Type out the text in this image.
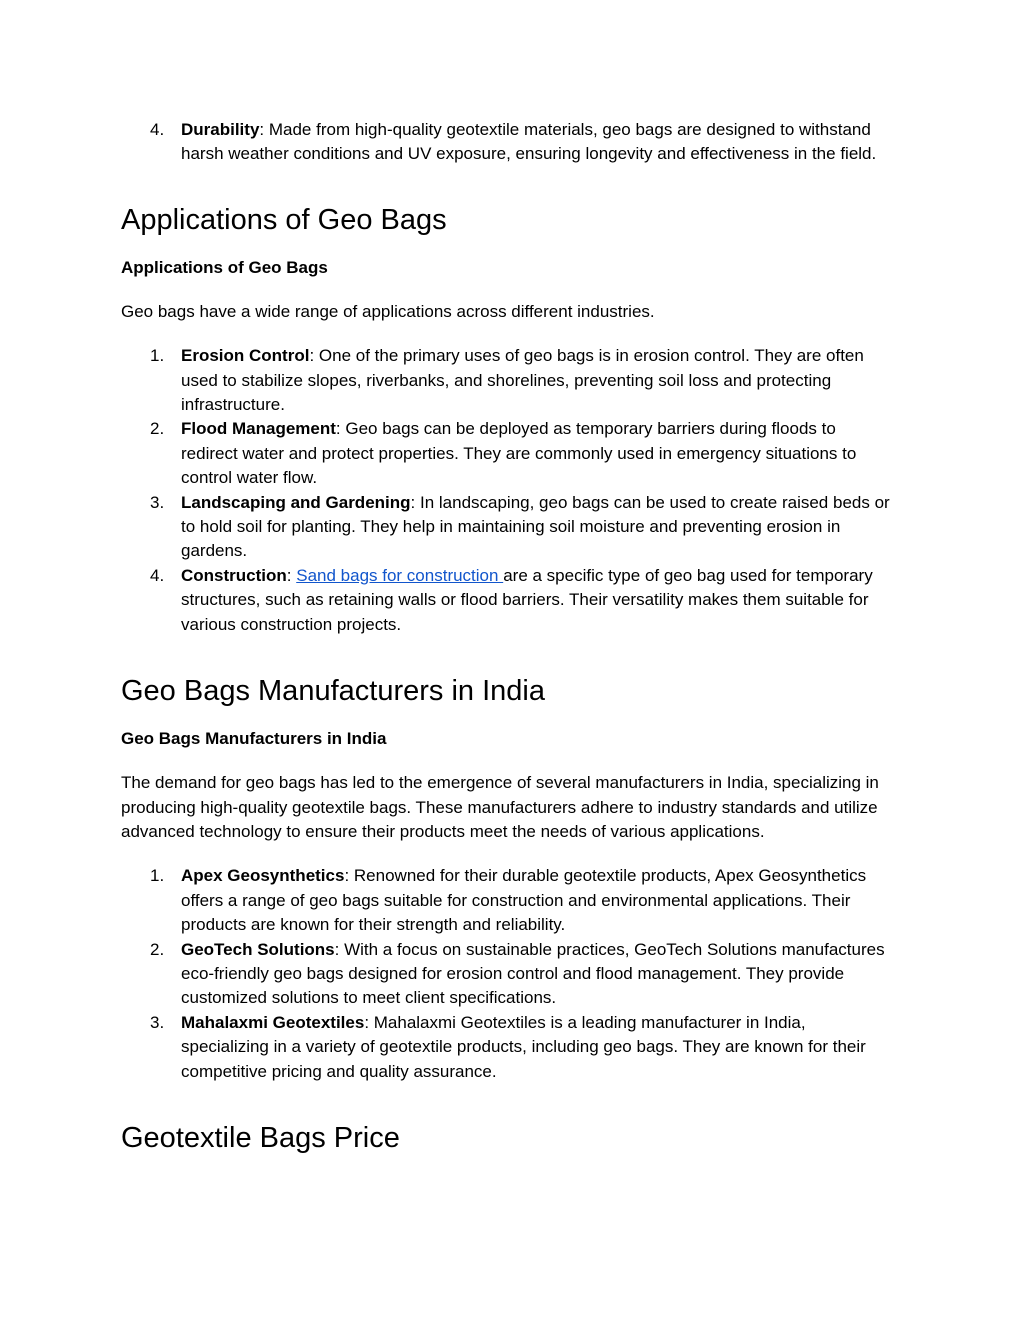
4. Durability: Made from high-quality geotextile materials, geo bags are designed to withstand harsh weather conditions and UV exposure, ensuring longevity and effectiveness in the field.
Applications of Geo Bags
Applications of Geo Bags

Geo bags have a wide range of applications across different industries.

1. Erosion Control: One of the primary uses of geo bags is in erosion control. They are often used to stabilize slopes, riverbanks, and shorelines, preventing soil loss and protecting infrastructure.
2. Flood Management: Geo bags can be deployed as temporary barriers during floods to redirect water and protect properties. They are commonly used in emergency situations to control water flow.
3. Landscaping and Gardening: In landscaping, geo bags can be used to create raised beds or to hold soil for planting. They help in maintaining soil moisture and preventing erosion in gardens.
4. Construction: Sand bags for construction are a specific type of geo bag used for temporary structures, such as retaining walls or flood barriers. Their versatility makes them suitable for various construction projects.
Geo Bags Manufacturers in India
Geo Bags Manufacturers in India

The demand for geo bags has led to the emergence of several manufacturers in India, specializing in producing high-quality geotextile bags. These manufacturers adhere to industry standards and utilize advanced technology to ensure their products meet the needs of various applications.

1. Apex Geosynthetics: Renowned for their durable geotextile products, Apex Geosynthetics offers a range of geo bags suitable for construction and environmental applications. Their products are known for their strength and reliability.
2. GeoTech Solutions: With a focus on sustainable practices, GeoTech Solutions manufactures eco-friendly geo bags designed for erosion control and flood management. They provide customized solutions to meet client specifications.
3. Mahalaxmi Geotextiles: Mahalaxmi Geotextiles is a leading manufacturer in India, specializing in a variety of geotextile products, including geo bags. They are known for their competitive pricing and quality assurance.
Geotextile Bags Price
